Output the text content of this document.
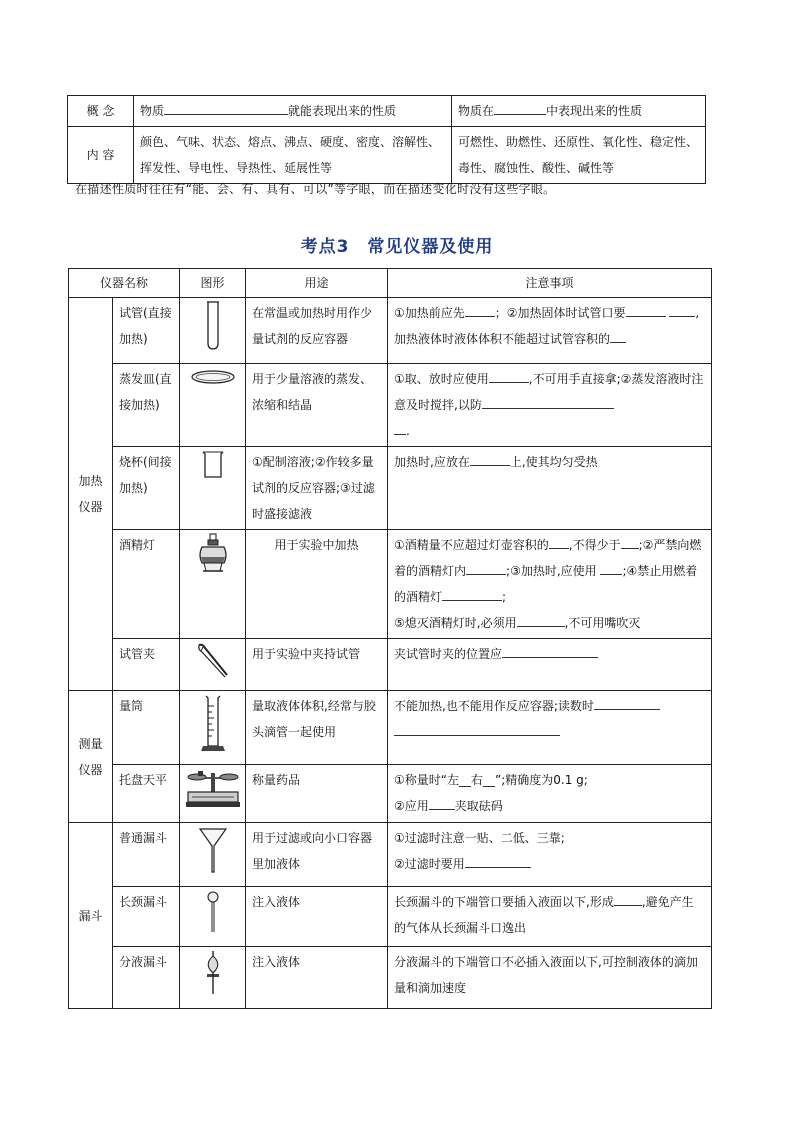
概 念	物质 就能表现出来的性质	物质在 中表现出来的性质
内 容	颜色、气味、状态、熔点、沸点、硬度、密度、溶解性、挥发性、导电性、导热性、延展性等	可燃性、助燃性、还原性、氧化性、稳定性、毒性、腐蚀性、酸性、碱性等
在描述性质时往往有“能、会、有、具有、可以”等字眼，而在描述变化时没有这些字眼。
考点3　常见仪器及使用
仪器名称		图形	用途	注意事项
加热仪器	试管(直接加热)		在常温或加热时用作少量试剂的反应容器	①加热前应先 ；②加热固体时试管口要 ,加热液体时液体体积不能超过试管容积的
	蒸发皿(直接加热)		用于少量溶液的蒸发、浓缩和结晶	①取、放时应使用 ,不可用手直接拿;②蒸发溶液时注意及时搅拌,以防
.
	烧杯(间接加热)		①配制溶液;②作较多量试剂的反应容器;③过滤时盛接滤液	加热时,应放在 上,使其均匀受热
	酒精灯		用于实验中加热	①酒精量不应超过灯壶容积的 ,不得少于 ;②严禁向燃着的酒精灯内 ;③加热时,应使用 ;④禁止用燃着的酒精灯 ;
⑤熄灭酒精灯时,必须用 ,不可用嘴吹灭
	试管夹		用于实验中夹持试管	夹试管时夹的位置应
测量仪器	量筒		量取液体体积,经常与胶头滴管一起使用	不能加热,也不能用作反应容器;读数时

	托盘天平		称量药品	①称量时“左__右__”;精确度为0.1 g;
②应用 夹取砝码
漏斗	普通漏斗		用于过滤或向小口容器里加液体	①过滤时注意一贴、二低、三靠;
②过滤时要用
	长颈漏斗		注入液体	长颈漏斗的下端管口要插入液面以下,形成 ,避免产生的气体从长颈漏斗口逸出
	分液漏斗		注入液体	分液漏斗的下端管口不必插入液面以下,可控制液体的滴加量和滴加速度
